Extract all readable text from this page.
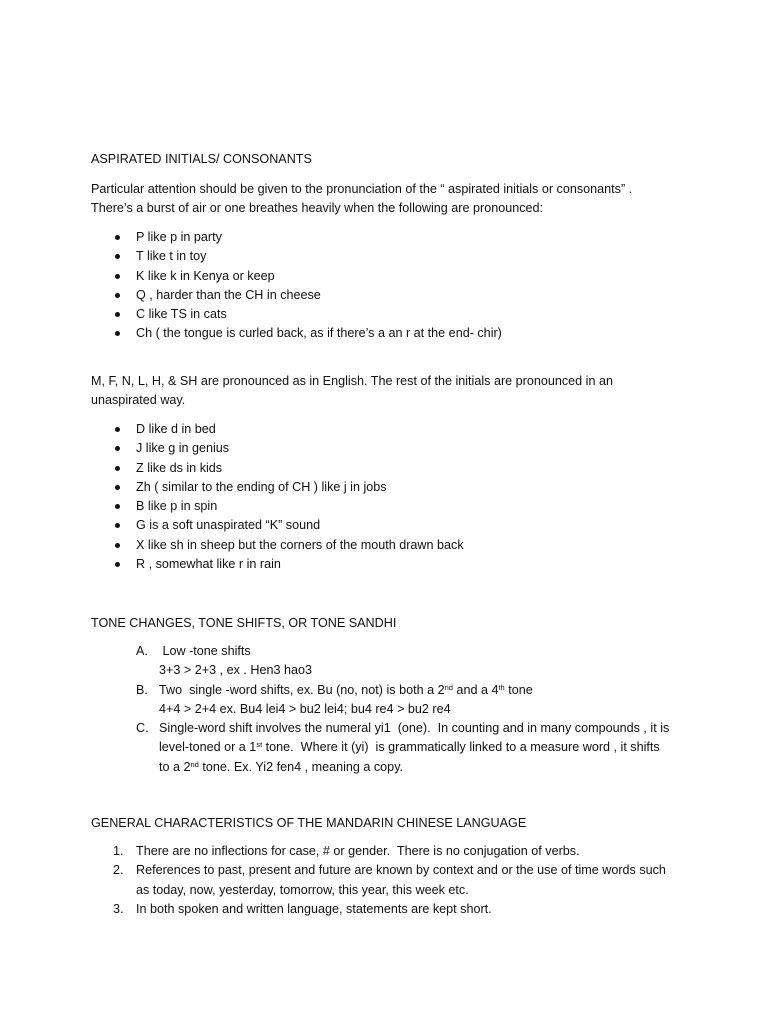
ASPIRATED INITIALS/ CONSONANTS
Particular attention should be given to the pronunciation of the “ aspirated initials or consonants” .
There’s a burst of air or one breathes heavily when the following are pronounced:
P like p in party
T like t in toy
K like k in Kenya or keep
Q , harder than the CH in cheese
C like TS in cats
Ch ( the tongue is curled back, as if there’s a an r at the end- chir)
M, F, N, L, H, & SH are pronounced as in English. The rest of the initials are pronounced in an
unaspirated way.
D like d in bed
J like g in genius
Z like ds in kids
Zh ( similar to the ending of CH ) like j in jobs
B like p in spin
G is a soft unaspirated “K” sound
X like sh in sheep but the corners of the mouth drawn back
R , somewhat like r in rain
TONE CHANGES, TONE SHIFTS, OR TONE SANDHI
A. Low -tone shifts
3+3 > 2+3 , ex . Hen3 hao3
B. Two  single -word shifts, ex. Bu (no, not) is both a 2nd and a 4th tone
4+4 > 2+4 ex. Bu4 lei4 > bu2 lei4; bu4 re4 > bu2 re4
C. Single-word shift involves the numeral yi1  (one).  In counting and in many compounds , it is
level-toned or a 1st tone.  Where it (yi)  is grammatically linked to a measure word , it shifts
to a 2nd tone. Ex. Yi2 fen4 , meaning a copy.
GENERAL CHARACTERISTICS OF THE MANDARIN CHINESE LANGUAGE
1. There are no inflections for case, # or gender.  There is no conjugation of verbs.
2. References to past, present and future are known by context and or the use of time words such
as today, now, yesterday, tomorrow, this year, this week etc.
3. In both spoken and written language, statements are kept short.
